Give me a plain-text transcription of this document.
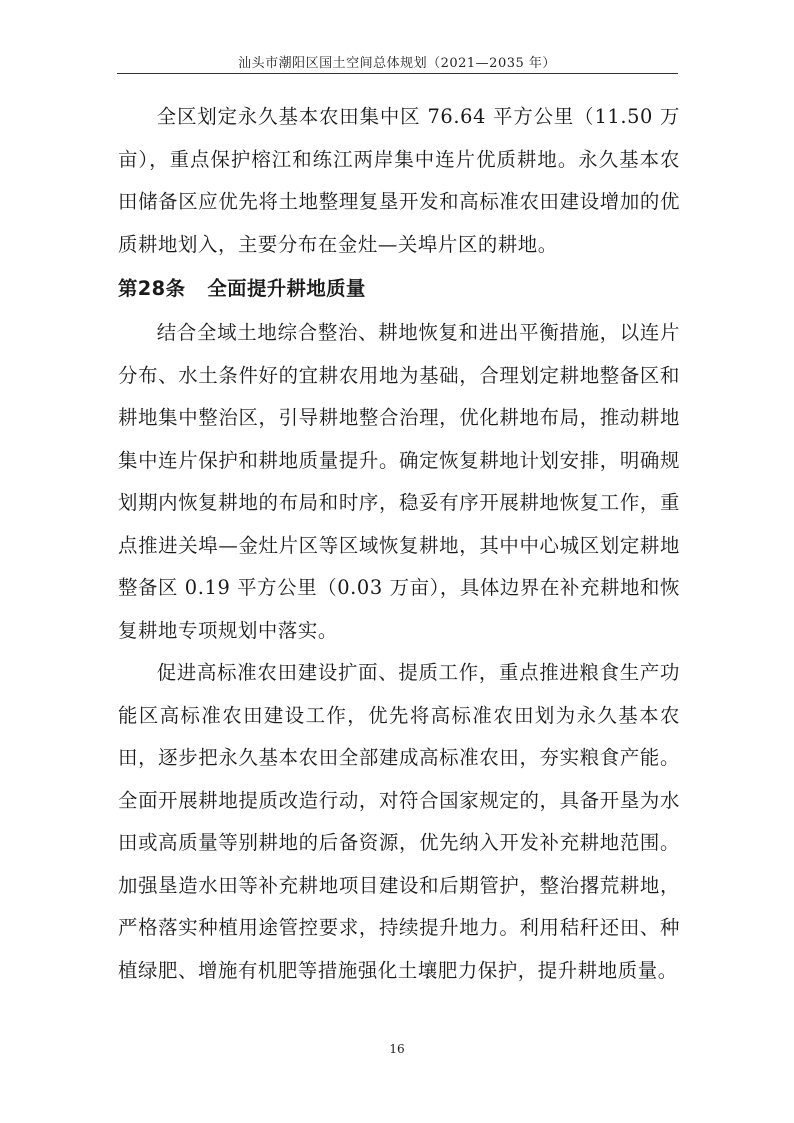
汕头市潮阳区国土空间总体规划（2021—2035 年）

全区划定永久基本农田集中区 76.64 平方公里（11.50 万亩），重点保护榕江和练江两岸集中连片优质耕地。永久基本农田储备区应优先将土地整理复垦开发和高标准农田建设增加的优质耕地划入，主要分布在金灶—关埠片区的耕地。

第28条 全面提升耕地质量

结合全域土地综合整治、耕地恢复和进出平衡措施，以连片分布、水土条件好的宜耕农用地为基础，合理划定耕地整备区和耕地集中整治区，引导耕地整合治理，优化耕地布局，推动耕地集中连片保护和耕地质量提升。确定恢复耕地计划安排，明确规划期内恢复耕地的布局和时序，稳妥有序开展耕地恢复工作，重点推进关埠—金灶片区等区域恢复耕地，其中中心城区划定耕地整备区 0.19 平方公里（0.03 万亩），具体边界在补充耕地和恢复耕地专项规划中落实。

促进高标准农田建设扩面、提质工作，重点推进粮食生产功能区高标准农田建设工作，优先将高标准农田划为永久基本农田，逐步把永久基本农田全部建成高标准农田，夯实粮食产能。全面开展耕地提质改造行动，对符合国家规定的，具备开垦为水田或高质量等别耕地的后备资源，优先纳入开发补充耕地范围。加强垦造水田等补充耕地项目建设和后期管护，整治撂荒耕地，严格落实种植用途管控要求，持续提升地力。利用秸秆还田、种植绿肥、增施有机肥等措施强化土壤肥力保护，提升耕地质量。

16
